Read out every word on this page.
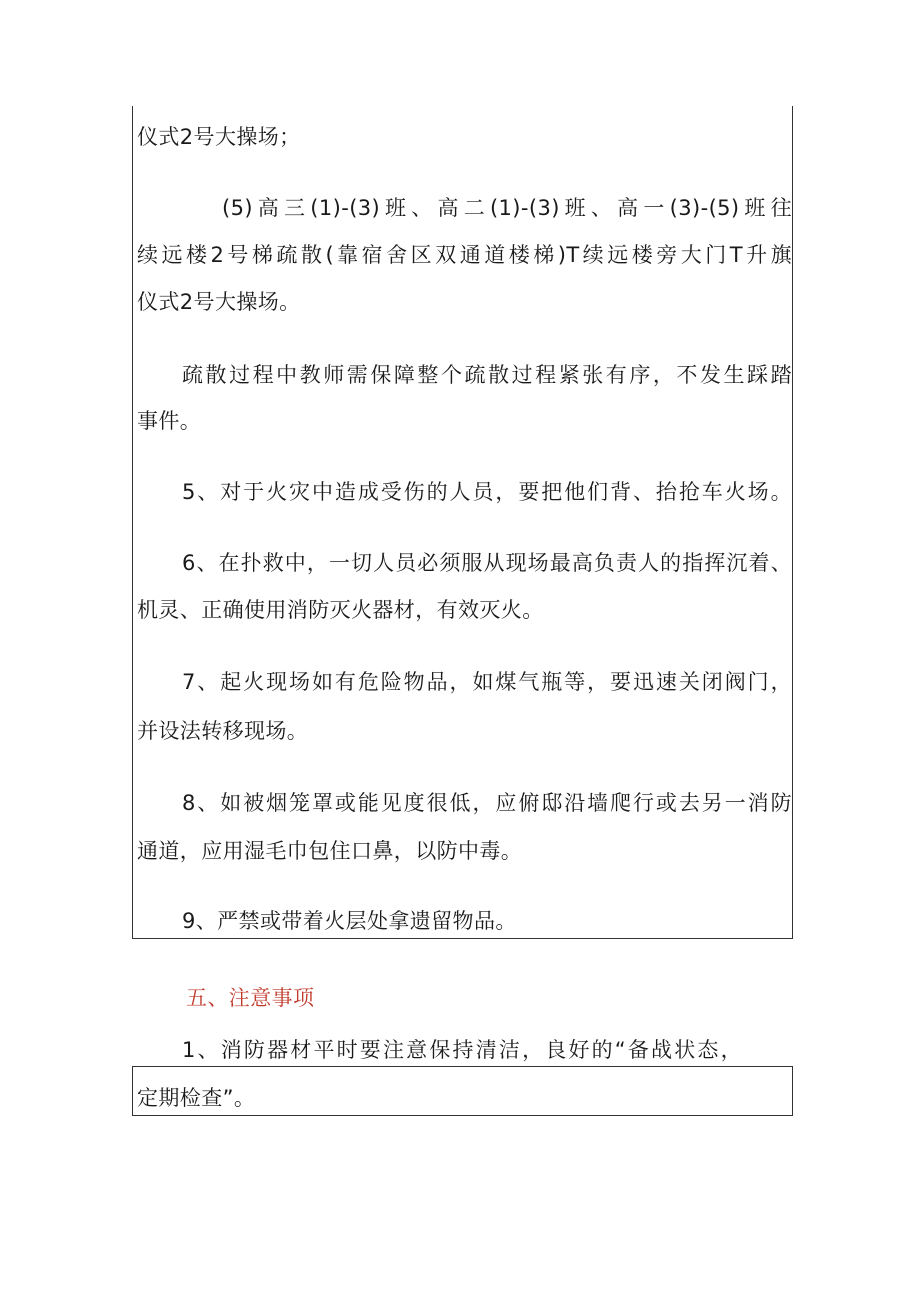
仪式2号大操场；
(5)高三(1)-(3)班、高二(1)-(3)班、高一(3)-(5)班往
续远楼2号梯疏散(靠宿舍区双通道楼梯)T续远楼旁大门T升旗
仪式2号大操场。
疏散过程中教师需保障整个疏散过程紧张有序，不发生踩踏
事件。
5、对于火灾中造成受伤的人员，要把他们背、抬抢车火场。
6、在扑救中，一切人员必须服从现场最高负责人的指挥沉着、
机灵、正确使用消防灭火器材，有效灭火。
7、起火现场如有危险物品，如煤气瓶等，要迅速关闭阀门，
并设法转移现场。
8、如被烟笼罩或能见度很低，应俯邸沿墙爬行或去另一消防
通道，应用湿毛巾包住口鼻，以防中毒。
9、严禁或带着火层处拿遗留物品。
五、注意事项
1、消防器材平时要注意保持清洁，良好的“备战状态，
定期检查”。
